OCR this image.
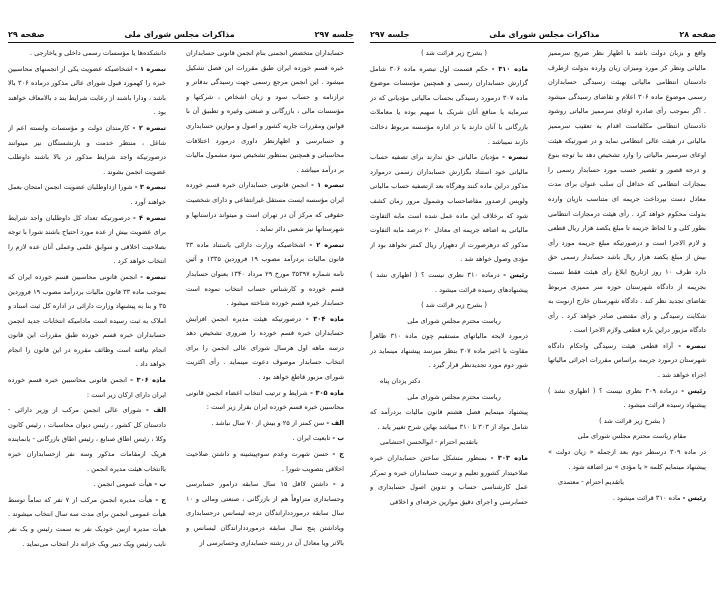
جلسه ۲۹۷
مذاکرات مجلس شورای ملی
صفحه ۲۹

حسابداران متخصص انجمنی بنام انجمن قانونی حسابداران خبره قسم خورده ایران طبق مقررات این فصل تشکیل میشود . این انجمن مرجع رسمی جهت رسیدگی بدفاتر و ترازنامه و حساب سود و زیان اشخاص ، شرکتها و مؤسسات مالی ، بازرگانی و صنعتی وغیره و تطبیق آن با قوانین ومقررات جاریه کشور و اصول و موازین حسابداری و حسابرسی و اظهارنظر داوری درمورد اختلافات محاسباتی و همچنین بمنظور تشخیص سود مشمول مالیات بر درآمد میباشد .

تبصره ۱ - انجمن قانونی حسابداران خبره قسم خورده ایران مؤسسه ایست مستقل غیرانتفاعی و دارای شخصیت حقوقی که مرکز آن در تهران است و میتواند دراستانها و شهرستانها نیز شعبی دائر نماید .

تبصره ۲ - اشخاصیکه وزارت دارائی باستناد ماده ۳۳ قانون مالیات بردرآمد مصوب ۱۹ فروردین ۱۳۳۵ و آئین نامه شماره ۳۵۳۹۷ مورخ ۲۹ مرداد ۱۳۴۰ بعنوان حسابدار قسم خورده و کارشناس حساب انتخاب نموده است حسابدار خبره قسم خورده شناخته میشود .

ماده ۳۰۴ - درصورتیکه هیئت مدیره انجمن افزایش حسابداران خبره قسم خورده را ضروری تشخیص دهد درسه ماهه اول هرسال شورای عالی انجمن را برای انتخاب حسابدار موصوف دعوت مینماید . رأی اکثریت شورای مزبور قاطع خواهد بود .

ماده ۳۰۵ - شرایط و ترتیب انتخاب اعضاء انجمن قانونی محاسبین خبره قسم خورده ایران بقرار زیر است :

الف - سن کمتر از ۲۵ و بیش از ۷۰ سال نباشد .

ب - تابعیت ایران .

ج - حسن شهرت وعدم سوءپیشینه و داشتن صلاحیت اخلاقی بتصویب شورا .

د - داشتن لااقل ۱۵ سال سابقه درامور حسابرسی وحسابداری متراوفاً هم از بازرگانی ، صنعتی ومالی و ۱۰ سال سابقه درموردداراندگان درجه لیسانس درحسابداری ویاداشتن پنج سال سابقه درموردداراندگان لیسانس و بالاتر ویا معادل آن در رشته حسابداری وحسابرسی از

دانشکده‌ها یا مؤسسات رسمی داخلی و یاخارجی .

تبصره ۱ - اشخاصیکه عضویت یکی از انجمنهای محاسبین خبره را کهمورد قبول شورای عالی مذکور درماده ۳۰۶ بالا باشد ، ودارا باشند از رعایت شرایط بند د بالامعاف خواهند بود .

تبصره ۲ - کارمندان دولت و مؤسسات وابسته اعم از شاغل ، منتظر خدمت و بازنشستگان نیز میتوانند درصورتیکه واجد شرایط مذکور در بالا باشند داوطلب عضویت انجمن بشوند .

تبصره ۳ - شورا ازداوطلبان عضویت انجمن امتحان بعمل خواهند آورد .

تبصره ۴ - درصورتیکه تعداد کل داوطلبان واجد شرایط برای عضویت بیش از عده مورد احتیاج باشند شورا با توجه بصلاحیت اخلاقی و سوابق علمی وعملی آنان عده لازم را انتخاب خواهد کرد .

تبصره - انجمن قانونی محاسبین قسم خورده ایران که بموجب ماده ۳۳ قانون مالیات بردرآمد مصوب ۱۹ فروردین ۳۵ و بنا به پیشنهاد وزارت دارائی در اداره کل ثبت اسناد و املاک به ثبت رسیده است مادامیکه انتخابات جدید انجمن حسابداران خبره قسم خورده طبق مقررات این قانون انجام نیافته است وظائف مقرره در این قانون را انجام خواهد داد .

ماده ۳۰۶ - انجمن قانونی محاسبین خبره قسم خورده ایران دارای ارکان زیر است :

الف - شورای عالی انجمن مرکب از وزیر دارائی - دادستان کل کشور ، رئیس دیوان محاسبات ، رئیس کانون وکلا ، رئیس اطاق صنایع ، رئیس اطاق بازرگانی - یانماینده هریک ازمقامات مذکور وسه نفر ازحسابداران خبره باانتخاب هیئت مدیره انجمن .

ب - هیأت عمومی انجمن .

ج - هیأت مدیره انجمن مرکب از ۷ نفر که تماماً توسط هیأت عمومی انجمن برای مدت سه سال انتخاب میشوند . هیأت مدیره ازبین خودیک نفر به سمت رئیس و یک نفر نایب رئیس ویک دبیر ویک خزانه دار انتخاب می‌نماید .

صفحه ۲۸
مذاکرات مجلس شورای ملی
جلسه ۲۹۷

واقع و بزبان دولت باشد با اظهار نظر صریح سرممیز مالیاتی ونظر کر مورد ومیزان زیان وارده بدولت ازطرف دادستان انتظامی مالیاتی بهیئت رسیدگی حسابداران رسمی موضوع ماده ۳۰۶ اعلام و تقاضای رسیدگی میشود . اگر بموجب رأی صادره اوعای سرممیز مالیاتی روشود دادستان انتظامی مکلفاست اقدام به تعقیب سرممیز مالیاتی در هیئت عالی انتظامی نماید و در صورتیکه هیئت اوعای سرممیز مالیاتی را وارد تشخیص دهد بنا توجه بنوع و درجه قصور و تقصیر حسب مورد حسابدار رسمی را بمجازات انتظامی که حداقل آن سلب عنوان برای مدت معادل دست بپرداخت جریمه ای متناسب بازیان وارده بدولت محکوم خواهد کرد . رأی هیئت درمجازات انتظامی بطور کلی و تا لحاظ جریمه تا مبلغ یکصد هزار ریال قطعی و لازم الاجرا است و درصورتیکه مبلغ جریمه مورد رأی بیش از مبلغ یکصد هزار ریال باشد حسابدار رسمی حق دارد ظرف ۱۰ روز ازتاریخ ابلاغ رأی هیئت فقط نسبت بجریمه از دادگاه شهرستان حوزه سر ممیزی مربوط تقاضای تجدید نظر کند . دادگاه شهرستان خارج ازنوبت به شکایت رسیدگی و رأی مقتضی صادر خواهد کرد . رأی دادگاه مزبور دراین باره قطعی ولازم الاجرا است .

تبصره - آراء قطعی هیئت رسیدگی واحکام دادگاه شهرستان درمورد جریمه براساس مقررات اجرائی مالیاتها اجراء خواهد شد .

رئیس - درماده ۳۰۹ نظری نیست ؟ ( اظهاری نشد ) پیشنهاد رسیده قرائت میشود .

( بشرح زیر قرائت شد )

مقام ریاست محترم مجلس شورای ملی

در ماده ۳۰۹ درسطر دوم بعد ازجمله « زیان دولت » پیشنهاد مینمایم کلمه « یا مؤدی » نیز اضافه شود .

باتقدیم احترام - معتمدی

رئیس - ماده ۳۱۰ قرائت میشود .

( بشرح زیر قرائت شد )

ماده ۳۱۰ - حکم قسمت اول تبصره ماده ۳۰۶ شامل گزارش حسابداران رسمی و همچنین مؤسسات موضوع ماده ۳۰۷ درمورد رسیدگی بحساب مالیاتی مؤدیانی که در سرمایه یا منافع آنان شریک یا سهیم بوده یا معاملات بازرگانی با آنان دارند یا در اداره مؤسسه مربوط دخالت دارند نمیباشد .

تبصره - مؤدیان مالیاتی حق ندارند برای تصفیه حساب مالیاتی خود استناد بگزارش حسابداران رسمی درموارد مذکور دراین ماده کنند وهرگاه بعد ازتصفیه حساب مالیاتی ولوپس ازصدور مفاصاحساب وشمول مرور زمان کشف شود که برخلاف این ماده عمل شده است مابه التفاوت مالیاتی به اضافه جریمه ای معادل ۲۰ درصد مابه التفاوت مذکور که درهرصورت از دههزار ریال کمتر نخواهد بود از مؤدی وصول خواهد شد .

رئیس - درماده ۳۱۰ نظری نیست ؟ ( اظهاری نشد ) پیشنهادهای رسیده قرائت میشود .

( بشرح زیر قرائت شد )

ریاست محترم مجلس شورای ملی

درمورد لایحه مالیاتهای مستقیم چون ماده ۳۱۰ ظاهراً مقاوت با اخیر ماده ۳۰۷ بنظر میرسد پیشنهاد مینماید در شور دوم مورد تجدیدنظر قرار گیرد .

دکتر یزدان پناه

ریاست محترم مجلس شورای ملی

پیشنهاد مینمایم فصل هشتم قانون مالیات بردرآمد که شامل مواد از ۳۰۳ تا ۳۱۰ میباشد بهاین شرح تغییر یابد .

باتقدیم احترام - ابوالحسن احتشامی

ماده ۳۰۳ - بمنظور متشکل ساختن حسابداران خبره صلاحیتدار کشورو تعلیم و تربیت حسابداران خبره و تمرکز عمل کارشناسی حساب و تدوین اصول حسابداری و حسابرسی و اجرای دقیق موازین حرفه‌ای و اخلاقی
